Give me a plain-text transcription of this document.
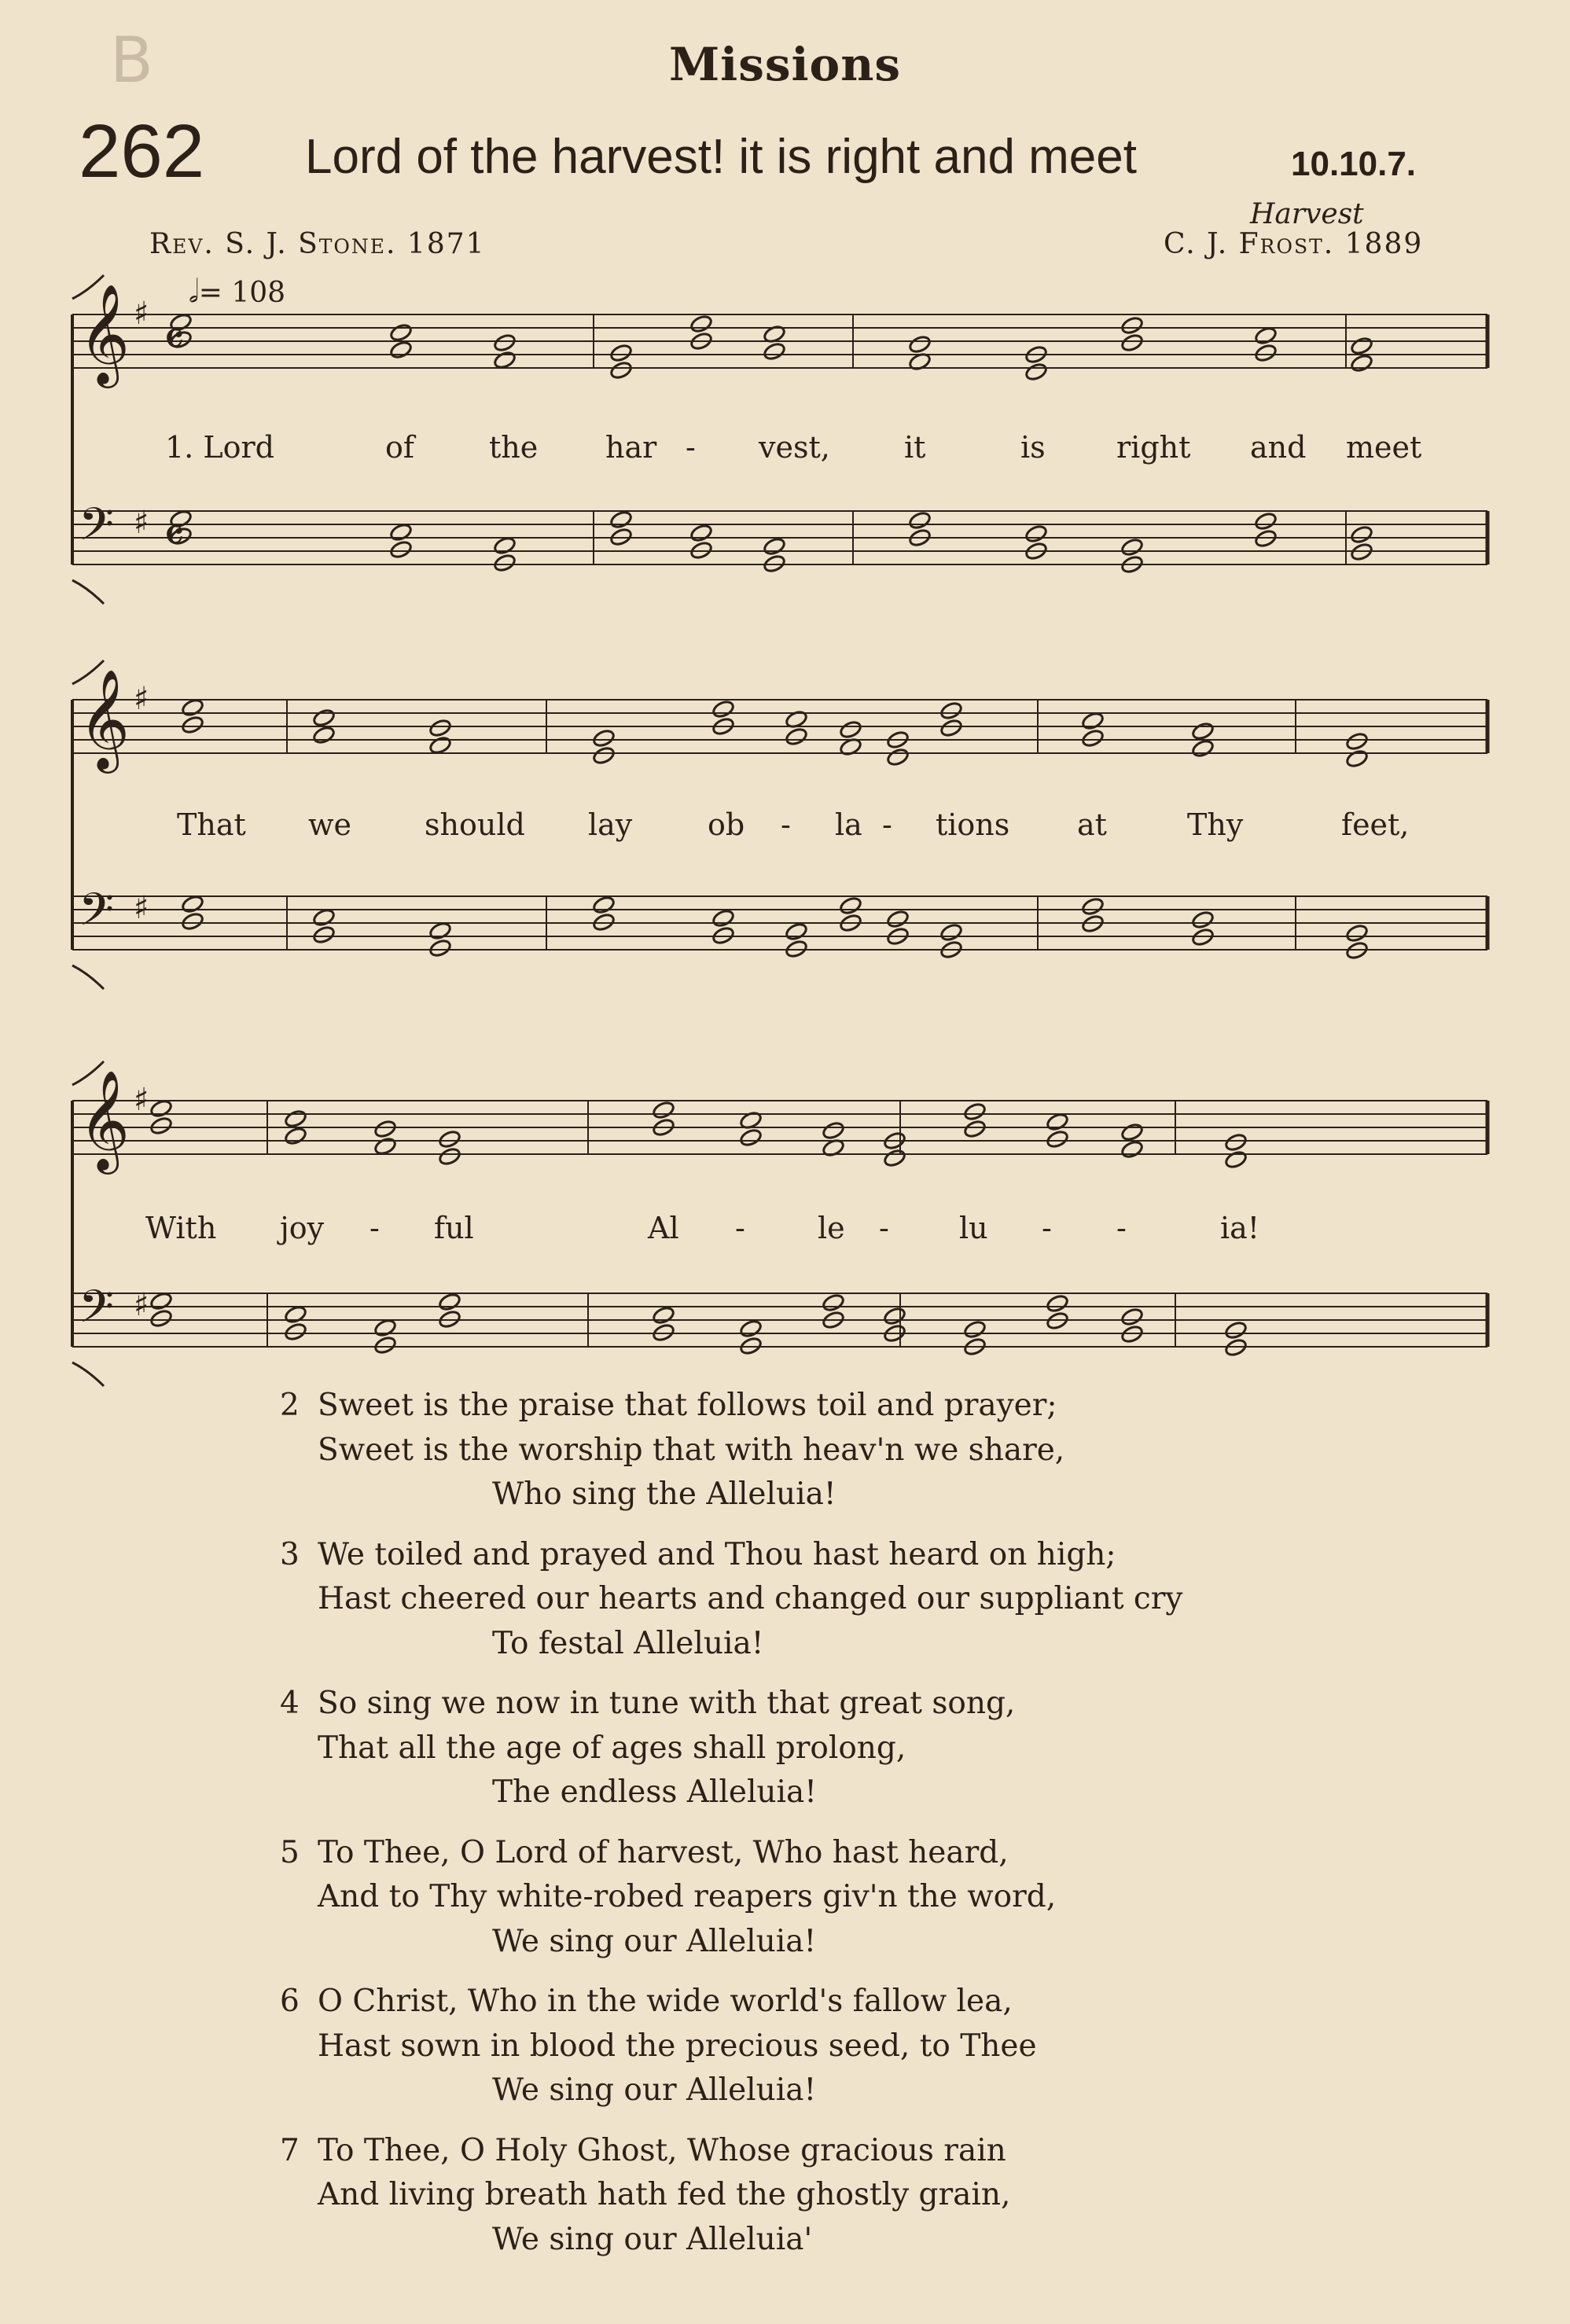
B	Missions
262 Lord of the harvest! it is right and meet	10.10.7.
Harvest
Rev. S. J. Stone. 1871	C. J. Frost. 1889
𝅗𝅥= 108
𝄞 ♯
𝄢 ♯
𝄞 ♯
𝄢 ♯
𝄞 ♯
𝄢 ♯
𝄴
𝄴
1. Lord	of	the har - vest, it	is right and meet
That we should lay	ob - la - tions at	Thy	feet,
With joy - ful	Al - le - lu - -	ia!
2 Sweet is the praise that follows toil and prayer;
Sweet is the worship that with heav'n we share,
Who sing the Alleluia!
3 We toiled and prayed and Thou hast heard on high;
Hast cheered our hearts and changed our suppliant cry
To festal Alleluia!
4 So sing we now in tune with that great song,
That all the age of ages shall prolong,
The endless Alleluia!
5 To Thee, O Lord of harvest, Who hast heard,
And to Thy white-robed reapers giv'n the word,
We sing our Alleluia!
6 O Christ, Who in the wide world's fallow lea,
Hast sown in blood the precious seed, to Thee
We sing our Alleluia!
7 To Thee, O Holy Ghost, Whose gracious rain
And living breath hath fed the ghostly grain,
We sing our Alleluia'
